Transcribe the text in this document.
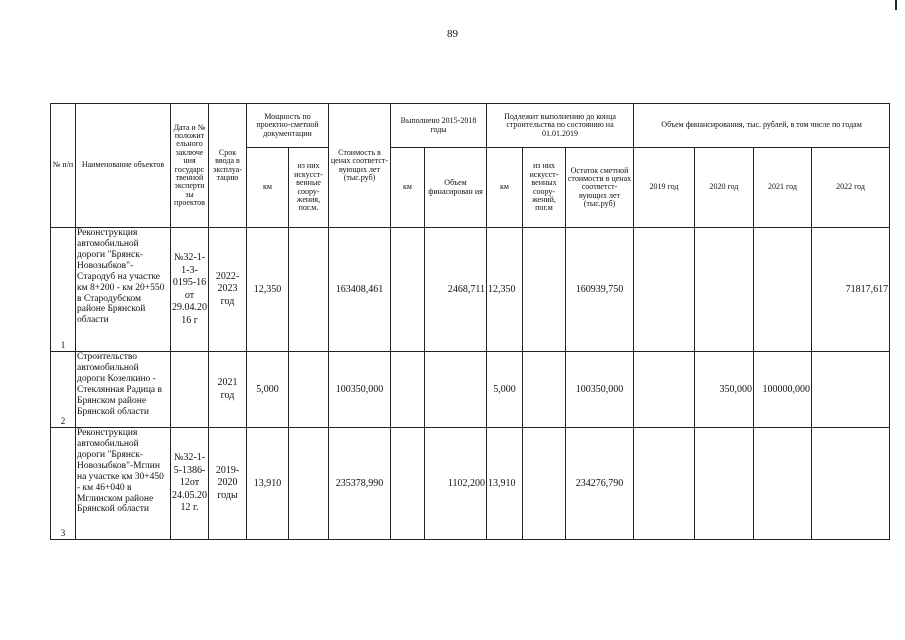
89
№ п/п	Наименование объектов	Дата и № положит ельного заключе ния государс твенной эксперти зы проектов	Срок ввода в эксплуа- тацию	Мощность по проектно-сметной документации		Стоимость в ценах соответст- вующих лет (тыс.руб)	Выполнено 2015-2018 годы		Подлежит выполнению до конца строительства по состоянию на 01.01.2019			Объем финансирования, тыс. рублей, в том числе по годам			
				км	из них искусст- венные соору- жения, пог.м.		км	Объем финасирован ия	км	из них искусст- венных соору- жений, пог.м	Остаток сметной стоимости в ценах соответст- вующих лет (тыс.руб)	2019 год	2020 год	2021 год	2022 год
1	Реконструкция автомобильной дороги "Брянск-Новозыбков"-Стародуб на участке км 8+200 - км 20+550 в Стародубском районе Брянской области	№32-1-1-3-0195-16 от 29.04.20 16 г	2022-2023 год	12,350		163408,461		2468,711	12,350		160939,750				71817,617
2	Строительство автомобильной дороги Козелкино - Стеклянная Радица в Брянском районе Брянской области		2021 год	5,000		100350,000			5,000		100350,000		350,000	100000,000	
3	Реконструкция автомобильной дороги "Брянск-Новозыбков"-Мглин на участке км 30+450 - км 46+040 в Мглинском районе Брянской области	№32-1-5-1386-12от 24.05.20 12 г.	2019-2020 годы	13,910		235378,990		1102,200	13,910		234276,790				
